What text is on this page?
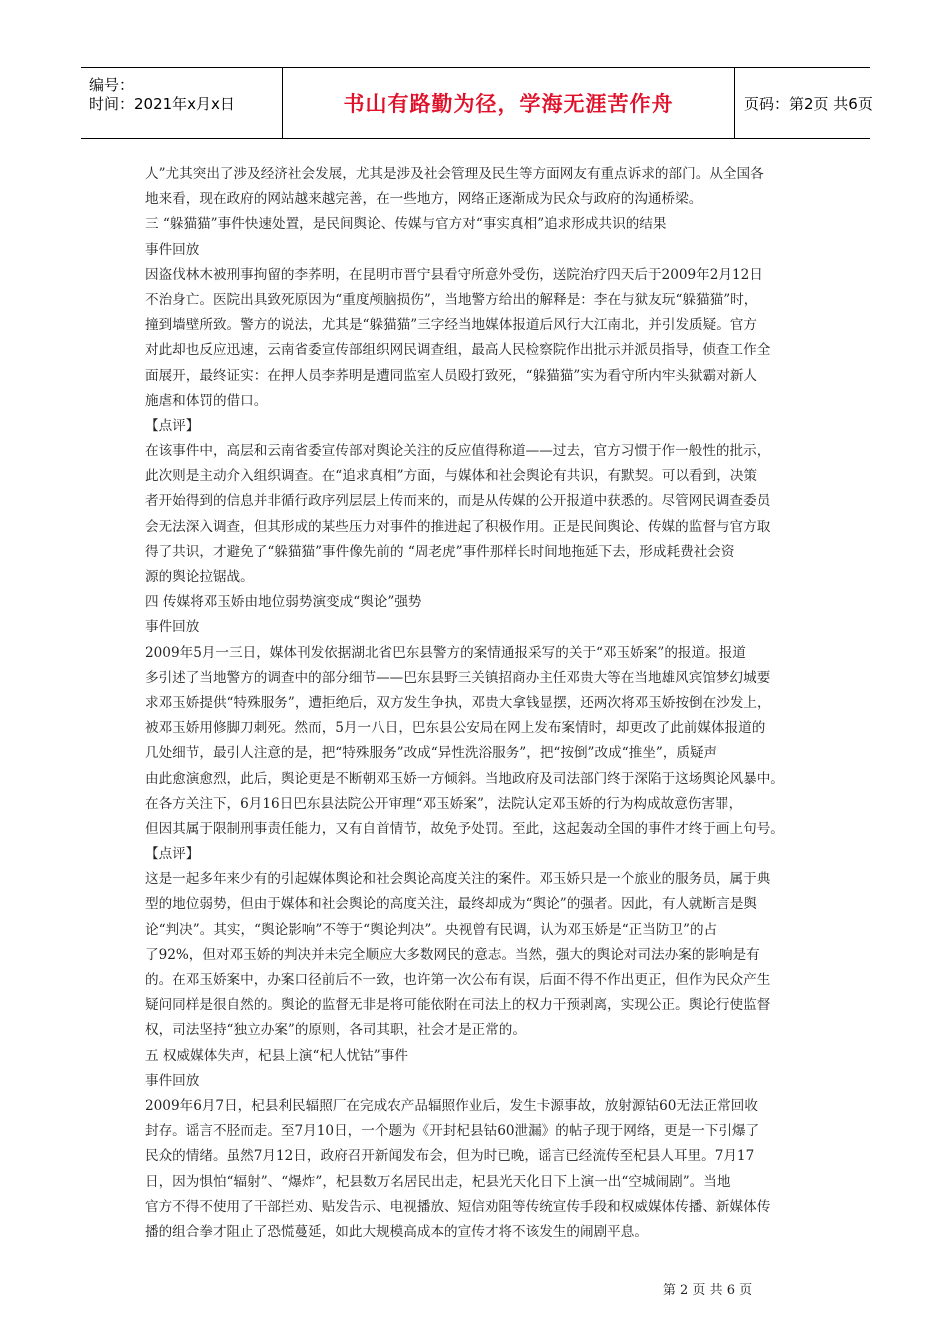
编号：
时间：2021年x月x日	书山有路勤为径，学海无涯苦作舟	页码：第2页 共6页
人”尤其突出了涉及经济社会发展，尤其是涉及社会管理及民生等方面网友有重点诉求的部门。从全国各
地来看，现在政府的网站越来越完善，在一些地方，网络正逐渐成为民众与政府的沟通桥梁。
三 “躲猫猫”事件快速处置，是民间舆论、传媒与官方对“事实真相”追求形成共识的结果
事件回放
因盗伐林木被刑事拘留的李荞明，在昆明市晋宁县看守所意外受伤，送院治疗四天后于2009年2月12日
不治身亡。医院出具致死原因为“重度颅脑损伤”，当地警方给出的解释是：李在与狱友玩“躲猫猫”时，
撞到墙壁所致。警方的说法，尤其是“躲猫猫”三字经当地媒体报道后风行大江南北，并引发质疑。官方
对此却也反应迅速，云南省委宣传部组织网民调查组，最高人民检察院作出批示并派员指导，侦查工作全
面展开，最终证实：在押人员李荞明是遭同监室人员殴打致死，“躲猫猫”实为看守所内牢头狱霸对新人
施虐和体罚的借口。
【点评】
在该事件中，高层和云南省委宣传部对舆论关注的反应值得称道——过去，官方习惯于作一般性的批示，
此次则是主动介入组织调查。在“追求真相”方面，与媒体和社会舆论有共识，有默契。可以看到，决策
者开始得到的信息并非循行政序列层层上传而来的，而是从传媒的公开报道中获悉的。尽管网民调查委员
会无法深入调查，但其形成的某些压力对事件的推进起了积极作用。正是民间舆论、传媒的监督与官方取
得了共识，才避免了“躲猫猫”事件像先前的 “周老虎”事件那样长时间地拖延下去，形成耗费社会资
源的舆论拉锯战。
四 传媒将邓玉娇由地位弱势演变成“舆论”强势
事件回放
2009年5月一三日，媒体刊发依据湖北省巴东县警方的案情通报采写的关于“邓玉娇案”的报道。报道
多引述了当地警方的调查中的部分细节——巴东县野三关镇招商办主任邓贵大等在当地雄风宾馆梦幻城要
求邓玉娇提供“特殊服务”，遭拒绝后，双方发生争执，邓贵大拿钱显摆，还两次将邓玉娇按倒在沙发上，
被邓玉娇用修脚刀刺死。然而，5月一八日，巴东县公安局在网上发布案情时，却更改了此前媒体报道的
几处细节，最引人注意的是，把“特殊服务”改成“异性洗浴服务”，把“按倒”改成“推坐”，质疑声
由此愈演愈烈，此后，舆论更是不断朝邓玉娇一方倾斜。当地政府及司法部门终于深陷于这场舆论风暴中。
在各方关注下，6月16日巴东县法院公开审理“邓玉娇案”，法院认定邓玉娇的行为构成故意伤害罪，
但因其属于限制刑事责任能力，又有自首情节，故免予处罚。至此，这起轰动全国的事件才终于画上句号。
【点评】
这是一起多年来少有的引起媒体舆论和社会舆论高度关注的案件。邓玉娇只是一个旅业的服务员，属于典
型的地位弱势，但由于媒体和社会舆论的高度关注，最终却成为“舆论”的强者。因此，有人就断言是舆
论“判决”。其实，“舆论影响”不等于“舆论判决”。央视曾有民调，认为邓玉娇是“正当防卫”的占
了92%，但对邓玉娇的判决并未完全顺应大多数网民的意志。当然，强大的舆论对司法办案的影响是有
的。在邓玉娇案中，办案口径前后不一致，也许第一次公布有误，后面不得不作出更正，但作为民众产生
疑问同样是很自然的。舆论的监督无非是将可能依附在司法上的权力干预剥离，实现公正。舆论行使监督
权，司法坚持“独立办案”的原则，各司其职，社会才是正常的。
五 权威媒体失声，杞县上演“杞人忧钴”事件
事件回放
2009年6月7日，杞县利民辐照厂在完成农产品辐照作业后，发生卡源事故，放射源钴60无法正常回收
封存。谣言不胫而走。至7月10日，一个题为《开封杞县钴60泄漏》的帖子现于网络，更是一下引爆了
民众的情绪。虽然7月12日，政府召开新闻发布会，但为时已晚，谣言已经流传至杞县人耳里。7月17
日，因为惧怕“辐射”、“爆炸”，杞县数万名居民出走，杞县光天化日下上演一出“空城闹剧”。当地
官方不得不使用了干部拦劝、贴发告示、电视播放、短信劝阻等传统宣传手段和权威媒体传播、新媒体传
播的组合拳才阻止了恐慌蔓延，如此大规模高成本的宣传才将不该发生的闹剧平息。
第 2 页 共 6 页
